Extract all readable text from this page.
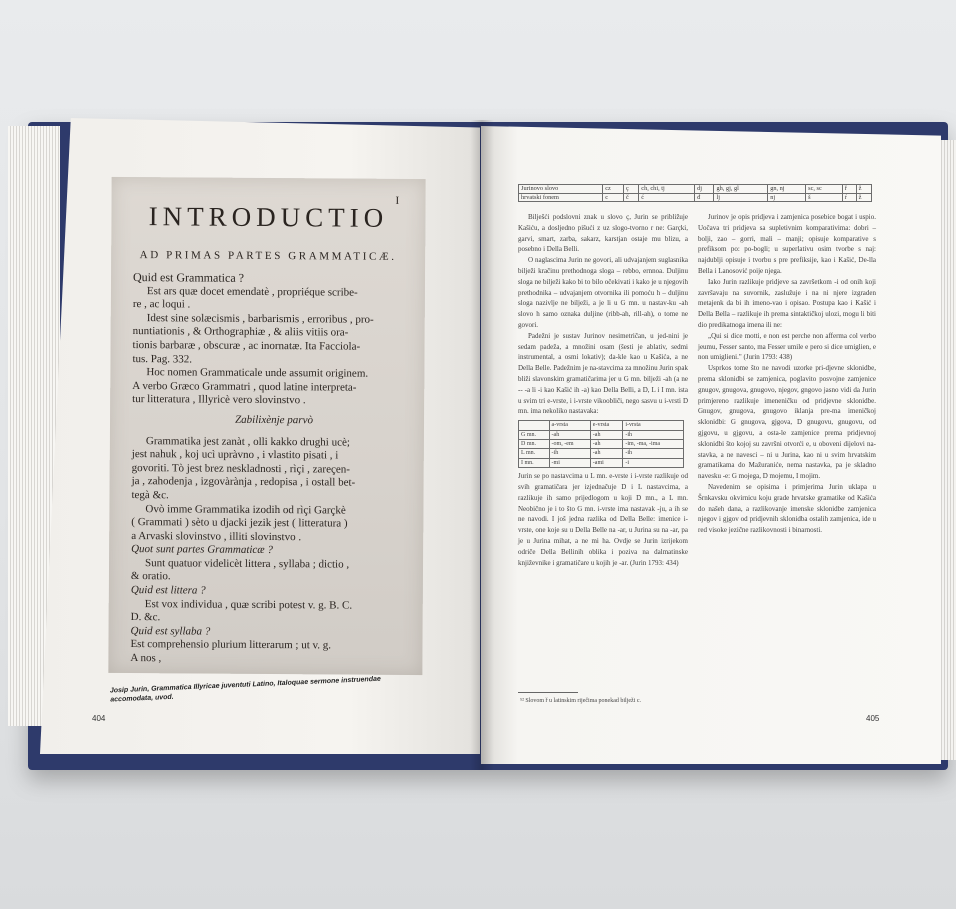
I
INTRODUCTIO
AD PRIMAS PARTES GRAMMATICÆ.

Quid est Grammatica ?

Est ars quæ docet emendatè , propriéque scribe-

re , ac loqui .

Idest sine solæcismis , barbarismis , erroribus , pro-

nuntiationis , & Orthographiæ , & aliis vitiis ora-

tionis barbaræ , obscuræ , ac inornatæ. Ita Facciola-

tus. Pag. 332.

Hoc nomen Grammaticale unde assumit originem.

A verbo Græco Grammatri , quod latine interpreta-

tur litteratura , Illyricè vero slovinstvo .

Zabilixènje parvò

Grammatika jest zanàt , olli kakko drughi ucè;

jest nahuk , koj ucì upràvno , i vlastito pisati , i

govoriti. Tò jest brez neskladnosti , rìçi , zareçen-

ja , zahodenja , izgovàrànja , redopisa , i ostall bet-

tegà &c.

Ovò imme Grammatika izodih od rìçi Garçkè

( Grammati ) sèto u djacki jezik jest ( litteratura )

a Arvaski slovinstvo , illiti slovinstvo .

Quot sunt partes Grammaticæ ?

Sunt quatuor videlicèt littera , syllaba ; dictio ,

& oratio.

Quid est littera ?

Est vox individua , quæ scribi potest v. g. B. C.

D. &c.

Quid est syllaba ?

Est comprehensio plurium litterarum ; ut v. g.

A nos ,

Josip Jurin, Grammatica Illyricae juventuti Latino, Italoquae sermone instruendae accomodata, uvod.
404
Jurinovo slovo	cz	ç	ch, chi, tj	dj	gh, gj, gl	gn, nj	sc, sc	ř	ž
hrvatski fonem	c	č	ć	đ	lj	nj	š	ŕ	ž

Bilješći podslovni znak u slovo ç, Jurin se približuje Kašiću, a dosljedno pišući z uz slogo-tvorno r ne: Garçki, garvi, smart, zarba, sakarz, karstjan ostaje mu blizu, a posebno i Della Belli.

O naglascima Jurin ne govori, ali udvajanjem suglasnika bilježi kračinu prethodnoga sloga – rebbo, ernnoa. Duljinu sloga ne bilježi kako bi to bilo očekivati i kako je u njegovih prethodnika – udvajanjem otvornika ili pomoću h – duljinu sloga nazivlje ne bilježi, a je li u G mn. u nastav-ku -ah slovo h samo oznaka duljine (ribb-ah, rill-ah), o tome ne govori.

Padežni je sustav Jurinov nesimetričan, u jed-nini je sedam padeža, a množini osam (šesti je ablativ, sedmi instrumental, a osmi lokativ); da-kle kao u Kašića, a ne Della Belle. Padežnim je na-stavcima za množinu Jurin spak bliži slavonskim gramatičarima jer u G mn. bilježi -ah (a ne -- -a li -i kao Kašić ih -a) kao Della Belli, a D, L i I mn. ista u svim tri e-vrste, i i-vrste vikoobliči, nego sasvu u i-vrsti D mn. ima nekoliko nastavaka:

	a-vrsta	e-vrsta	i-vrsta
G mn.	-ah	-ah	-ih
D mn.	-om, -em	-ah	-im, -ma, -ima
L mn.	-ih	-ah	-ih
I mn.	-mi	-ami	-i

Jurin se po nastavcima u L mn. e-vrste i i-vrste razlikuje od svih gramatičara jer izjednačuje D i L nastavcima, a razlikuje ih samo prijedlogom u koji D mn., a L mn. Neobično je i to što G mn. i-vrste ima nastavak -ju, a ih se ne navodi. I još jedna razlika od Della Belle: imenice i-vrste, one koje su u Della Belle na -ar, u Jurina su na -ar, pa je u Jurina mihat, a ne mi ha. Ovdje se Jurin izrijekom odriče Della Bellinih oblika i poziva na dalmatinske književnike i gramatičare u kojih je -ar. (Jurin 1793: 434)

Jurinov je opis pridjeva i zamjenica posebice bogat i uspio. Uočava tri pridjeva sa supletivnim komparativima: dobri – bolji, zao – gorri, mali – manji; opisuje komparative s prefiksom po: po-bogli; u superlativu osim tvorbe s naj: najdublji opisuje i tvorbu s pre prefiksije, kao i Kašić, De-lla Bella i Lanosović poije njega.

Iako Jurin razlikuje pridjeve sa završetkom -i od onih koji završavaju na suvornik, zaslužuje i na ni njere izgraden metajenk da bi ih imeno-vao i opisao. Postupa kao i Kašić i Della Bella – razlikuje ih prema sintaktičkoj ulozi, mogu li biti dio predikatnoga imena ili ne:

„Qui si dice motti, e non est perche non afferma col verbo jeumu, Fesser santo, ma Fesser umile e pero si dice umiglien, e non umiglieni." (Jurin 1793: 438)

Usprkos tome što ne navodi uzorke pri-djevne sklonidbe, prema sklonidbi se zamjenica, poglavito posvojne zamjenice gnugov, gnugova, gnugovo, njegov, gngovo jasno vidi da Jurin primjereno razlikuje imeneničku od pridjevne sklonidbe. Gnugov, gnugova, gnugovo iklanja pre-ma imeničkoj sklonidbi: G gnugova, gjgova, D gnugovu, gnugovu, od gjgovu, u gjgovu, a osta-le zamjenice prema pridjevnoj sklonidbi što kojoj su završni otvorći e, u oboveni dijelovi na-stavka, a ne navesci – ni u Jurina, kao ni u svim hrvatskim gramatikama do Mažuraniće, nema nastavka, pa je skladno navesku -e: G mojega, D mojemu, I mojim.

Navedenim se opisima i primjerima Jurin uklapa u Šrnkavsku okvirnicu koju grade hrvatske gramatike od Kašića do našeh dana, a razlikovanje imenske sklonidbe zamjenica njegov i gjgov od pridjevnih sklonidba ostalih zamjenica, ide u red visoke jezične razlikovnosti i binarnosti.

⁵² Slovom ř u latinskim riječima ponekad bilježi c.
405
